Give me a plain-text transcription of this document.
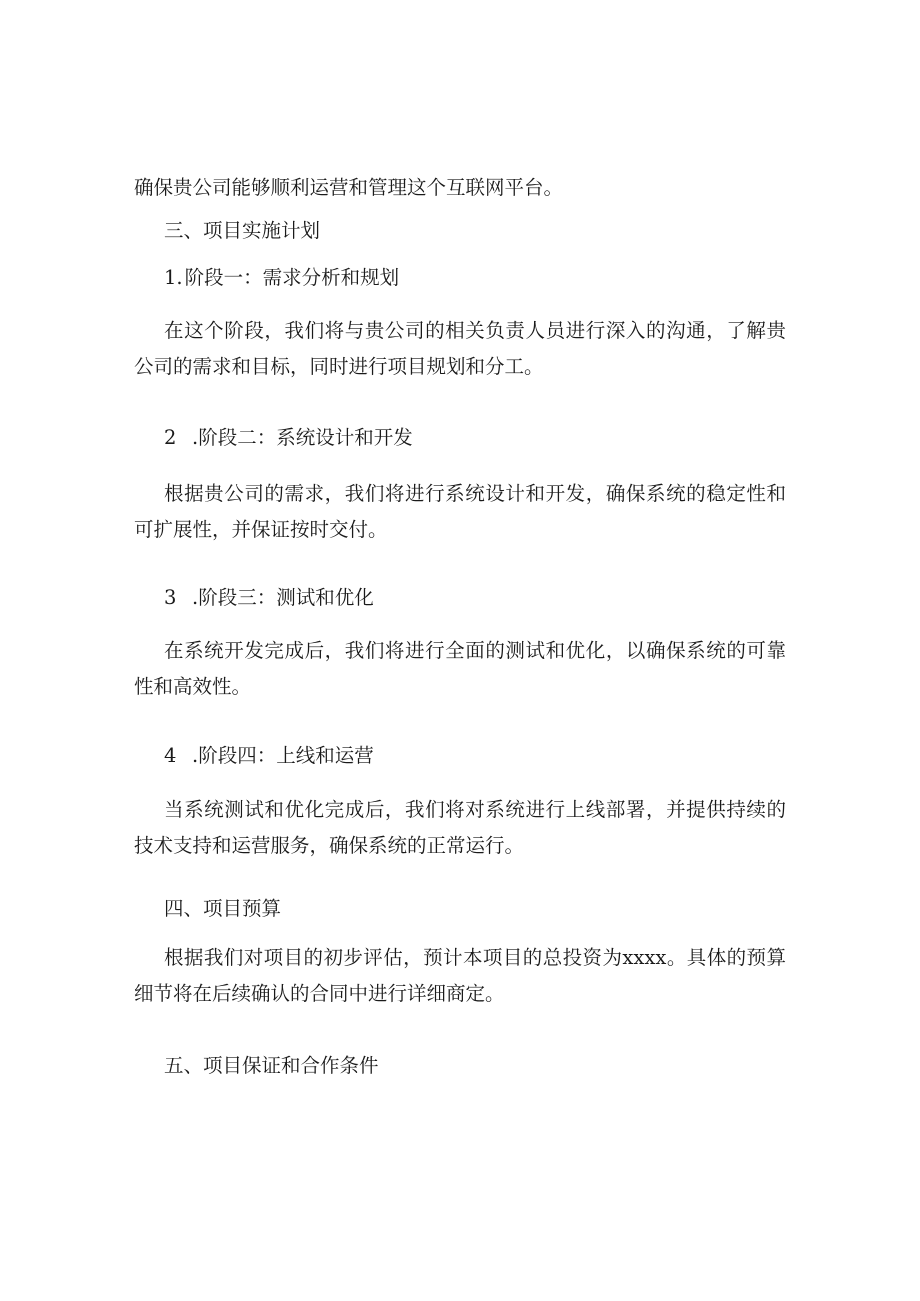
确保贵公司能够顺利运营和管理这个互联网平台。

三、项目实施计划

1. 阶段一：需求分析和规划

在这个阶段，我们将与贵公司的相关负责人员进行深入的沟通，了解贵公司的需求和目标，同时进行项目规划和分工。

2 .阶段二：系统设计和开发

根据贵公司的需求，我们将进行系统设计和开发，确保系统的稳定性和可扩展性，并保证按时交付。

3 .阶段三：测试和优化

在系统开发完成后，我们将进行全面的测试和优化，以确保系统的可靠性和高效性。

4 .阶段四：上线和运营

当系统测试和优化完成后，我们将对系统进行上线部署，并提供持续的技术支持和运营服务，确保系统的正常运行。

四、项目预算

根据我们对项目的初步评估，预计本项目的总投资为xxxx。具体的预算细节将在后续确认的合同中进行详细商定。

五、项目保证和合作条件
